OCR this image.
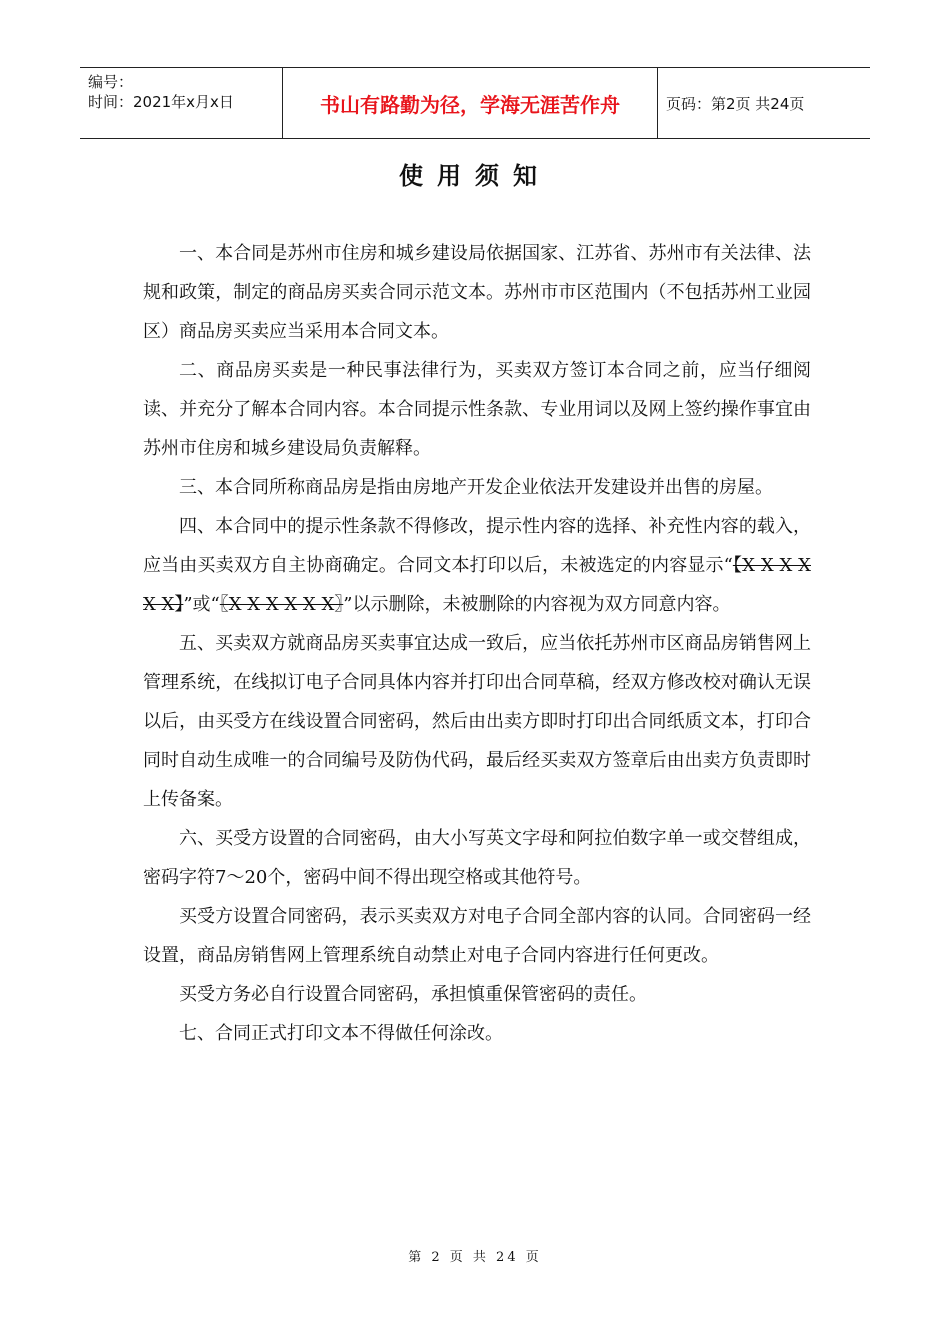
编号：
时间：2021年x月x日	书山有路勤为径，学海无涯苦作舟	页码：第2页 共24页
使用须知

一、本合同是苏州市住房和城乡建设局依据国家、江苏省、苏州市有关法律、法规和政策，制定的商品房买卖合同示范文本。苏州市市区范围内（不包括苏州工业园区）商品房买卖应当采用本合同文本。

二、商品房买卖是一种民事法律行为，买卖双方签订本合同之前，应当仔细阅读、并充分了解本合同内容。本合同提示性条款、专业用词以及网上签约操作事宜由苏州市住房和城乡建设局负责解释。

三、本合同所称商品房是指由房地产开发企业依法开发建设并出售的房屋。

四、本合同中的提示性条款不得修改，提示性内容的选择、补充性内容的载入，应当由买卖双方自主协商确定。合同文本打印以后，未被选定的内容显示“【X X X X X X】”或“〖X X X X X X〗”以示删除，未被删除的内容视为双方同意内容。

五、买卖双方就商品房买卖事宜达成一致后，应当依托苏州市区商品房销售网上管理系统，在线拟订电子合同具体内容并打印出合同草稿，经双方修改校对确认无误以后，由买受方在线设置合同密码，然后由出卖方即时打印出合同纸质文本，打印合同时自动生成唯一的合同编号及防伪代码，最后经买卖双方签章后由出卖方负责即时上传备案。

六、买受方设置的合同密码，由大小写英文字母和阿拉伯数字单一或交替组成，密码字符7～20个，密码中间不得出现空格或其他符号。

买受方设置合同密码，表示买卖双方对电子合同全部内容的认同。合同密码一经设置，商品房销售网上管理系统自动禁止对电子合同内容进行任何更改。

买受方务必自行设置合同密码，承担慎重保管密码的责任。

七、合同正式打印文本不得做任何涂改。

第 2 页 共 24 页
